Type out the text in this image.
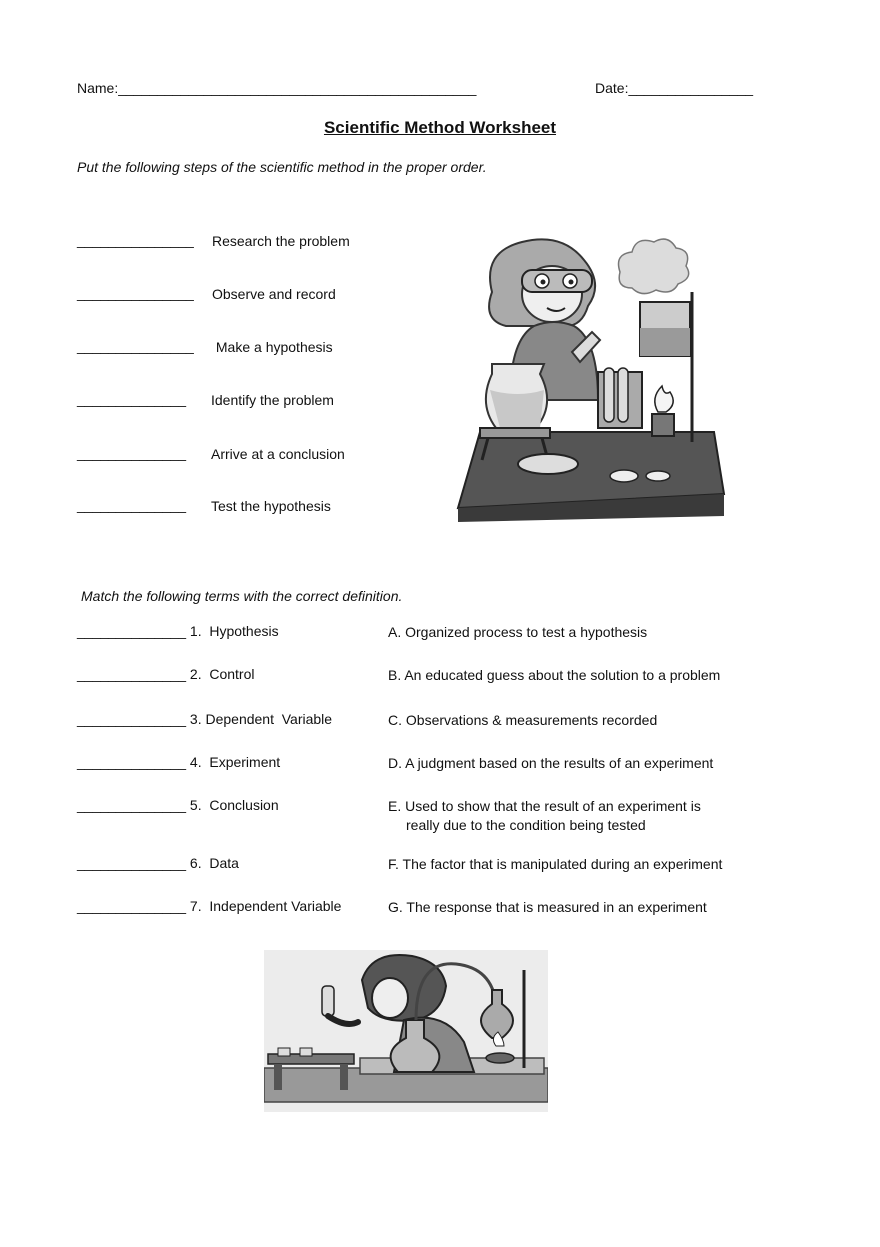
Name:______________________________________________	Date:________________
Scientiﬁc Method Worksheet
Put the following steps of the scientific method in the proper order.
_______________ Research the problem
_______________ Observe and record
_______________ Make a hypothesis
______________ Identify the problem
______________ Arrive at a conclusion
______________ Test the hypothesis
Match the following terms with the correct definition.
______________ 1.  Hypothesis	A. Organized process to test a hypothesis
______________ 2.  Control	B. An educated guess about the solution to a problem
______________ 3. Dependent  Variable	C. Observations & measurements recorded
______________ 4.  Experiment	D. A judgment based on the results of an experiment
______________ 5.  Conclusion	E. Used to show that the result of an experiment is
really due to the condition being tested
______________ 6.  Data	F. The factor that is manipulated during an experiment
______________ 7.  Independent Variable	G. The response that is measured in an experiment
